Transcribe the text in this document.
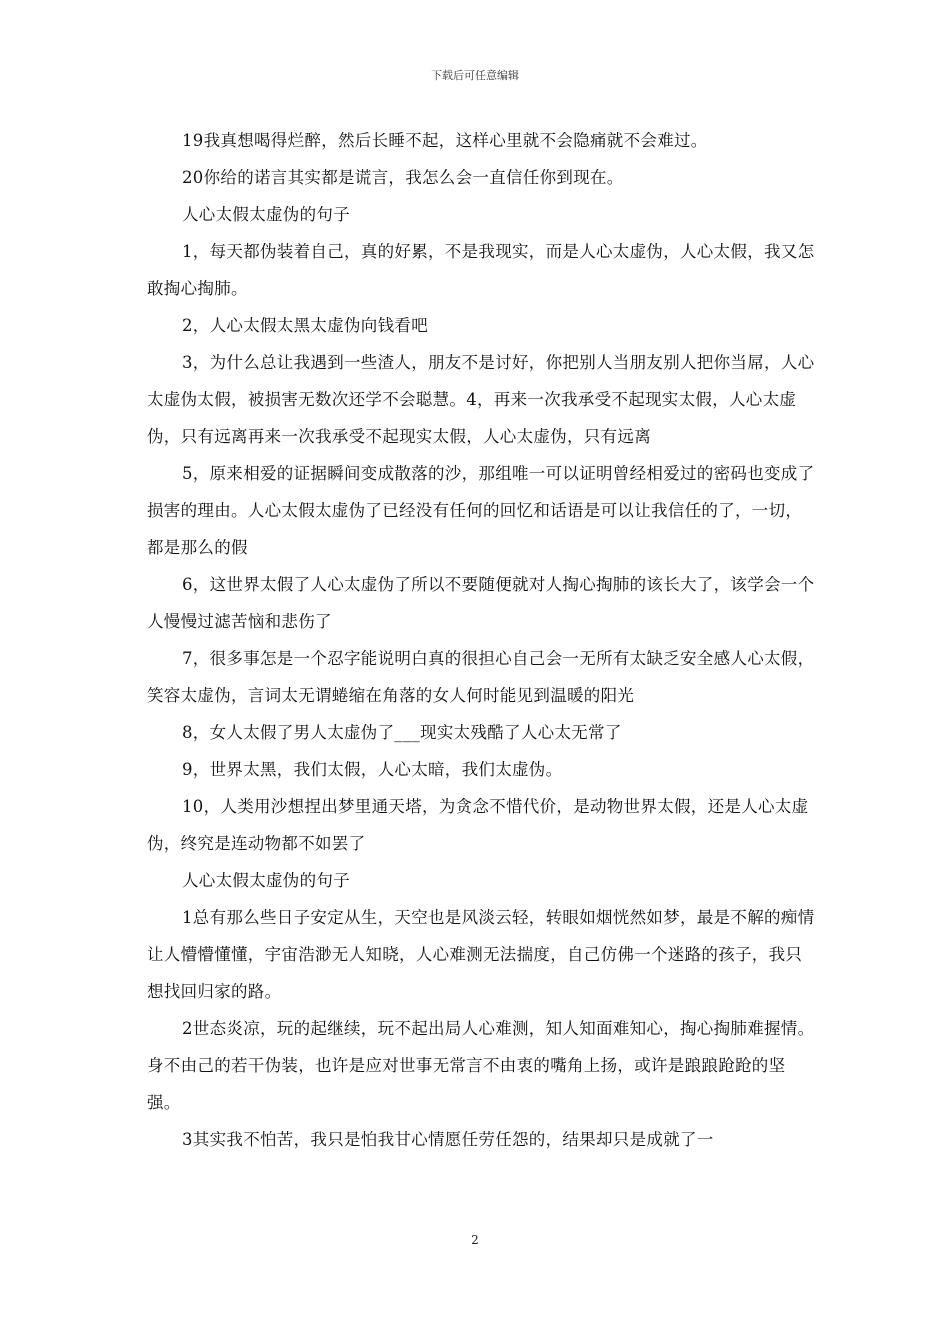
下载后可任意编辑

19我真想喝得烂醉，然后长睡不起，这样心里就不会隐痛就不会难过。

20你给的诺言其实都是谎言，我怎么会一直信任你到现在。

人心太假太虚伪的句子

1，每天都伪装着自己，真的好累，不是我现实，而是人心太虚伪，人心太假，我又怎敢掏心掏肺。

2，人心太假太黑太虚伪向钱看吧

3，为什么总让我遇到一些渣人，朋友不是讨好，你把别人当朋友别人把你当屌，人心太虚伪太假，被损害无数次还学不会聪慧。4，再来一次我承受不起现实太假，人心太虚伪，只有远离再来一次我承受不起现实太假，人心太虚伪，只有远离

5，原来相爱的证据瞬间变成散落的沙，那组唯一可以证明曾经相爱过的密码也变成了损害的理由。人心太假太虚伪了已经没有任何的回忆和话语是可以让我信任的了，一切，都是那么的假

6，这世界太假了人心太虚伪了所以不要随便就对人掏心掏肺的该长大了，该学会一个人慢慢过滤苦恼和悲伤了

7，很多事怎是一个忍字能说明白真的很担心自己会一无所有太缺乏安全感人心太假，笑容太虚伪，言词太无谓蜷缩在角落的女人何时能见到温暖的阳光

8，女人太假了男人太虚伪了___现实太残酷了人心太无常了

9，世界太黑，我们太假，人心太暗，我们太虚伪。

10，人类用沙想捏出梦里通天塔，为贪念不惜代价，是动物世界太假，还是人心太虚伪，终究是连动物都不如罢了

人心太假太虚伪的句子

1总有那么些日子安定从生，天空也是风淡云轻，转眼如烟恍然如梦，最是不解的痴情让人懵懵懂懂，宇宙浩渺无人知晓，人心难测无法揣度，自己仿佛一个迷路的孩子，我只想找回归家的路。

2世态炎凉，玩的起继续，玩不起出局人心难测，知人知面难知心，掏心掏肺难握情。身不由己的若干伪装，也许是应对世事无常言不由衷的嘴角上扬，或许是踉踉跄跄的坚强。

3其实我不怕苦，我只是怕我甘心情愿任劳任怨的，结果却只是成就了一

2
